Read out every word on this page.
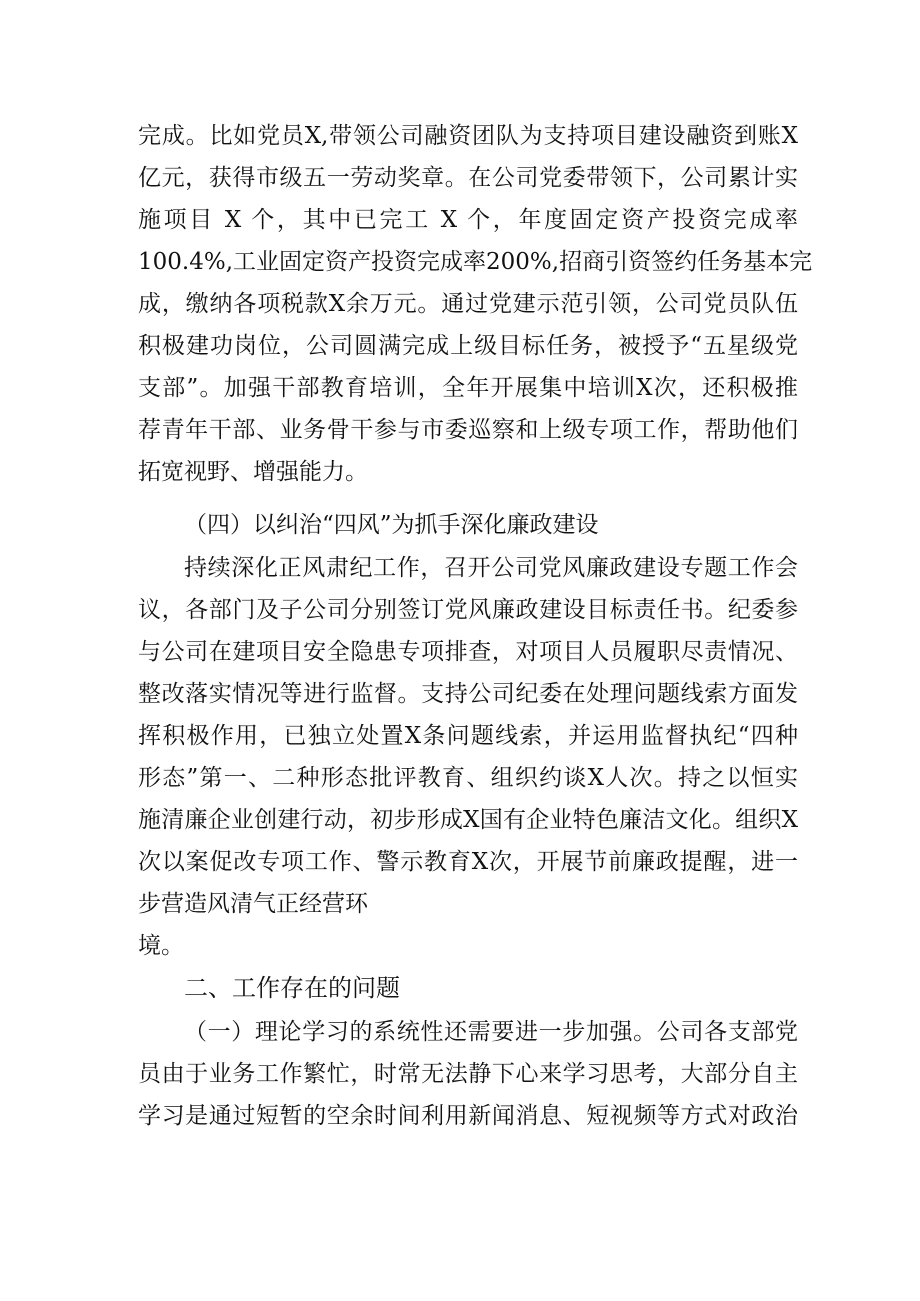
完成。比如党员X,带领公司融资团队为支持项目建设融资到账X
亿元，获得市级五一劳动奖章。在公司党委带领下，公司累计实
施项目 X 个，其中已完工 X 个，年度固定资产投资完成率
100.4%,工业固定资产投资完成率200%,招商引资签约任务基本完
成，缴纳各项税款X余万元。通过党建示范引领，公司党员队伍
积极建功岗位，公司圆满完成上级目标任务，被授予“五星级党
支部”。加强干部教育培训，全年开展集中培训X次，还积极推
荐青年干部、业务骨干参与市委巡察和上级专项工作，帮助他们
拓宽视野、增强能力。
（四）以纠治“四风”为抓手深化廉政建设
持续深化正风肃纪工作，召开公司党风廉政建设专题工作会
议，各部门及子公司分别签订党风廉政建设目标责任书。纪委参
与公司在建项目安全隐患专项排查，对项目人员履职尽责情况、
整改落实情况等进行监督。支持公司纪委在处理问题线索方面发
挥积极作用，已独立处置X条问题线索，并运用监督执纪“四种
形态”第一、二种形态批评教育、组织约谈X人次。持之以恒实
施清廉企业创建行动，初步形成X国有企业特色廉洁文化。组织X
次以案促改专项工作、警示教育X次，开展节前廉政提醒，进一
步营造风清气正经营环
境。
二、工作存在的问题
（一）理论学习的系统性还需要进一步加强。公司各支部党
员由于业务工作繁忙，时常无法静下心来学习思考，大部分自主
学习是通过短暂的空余时间利用新闻消息、短视频等方式对政治
